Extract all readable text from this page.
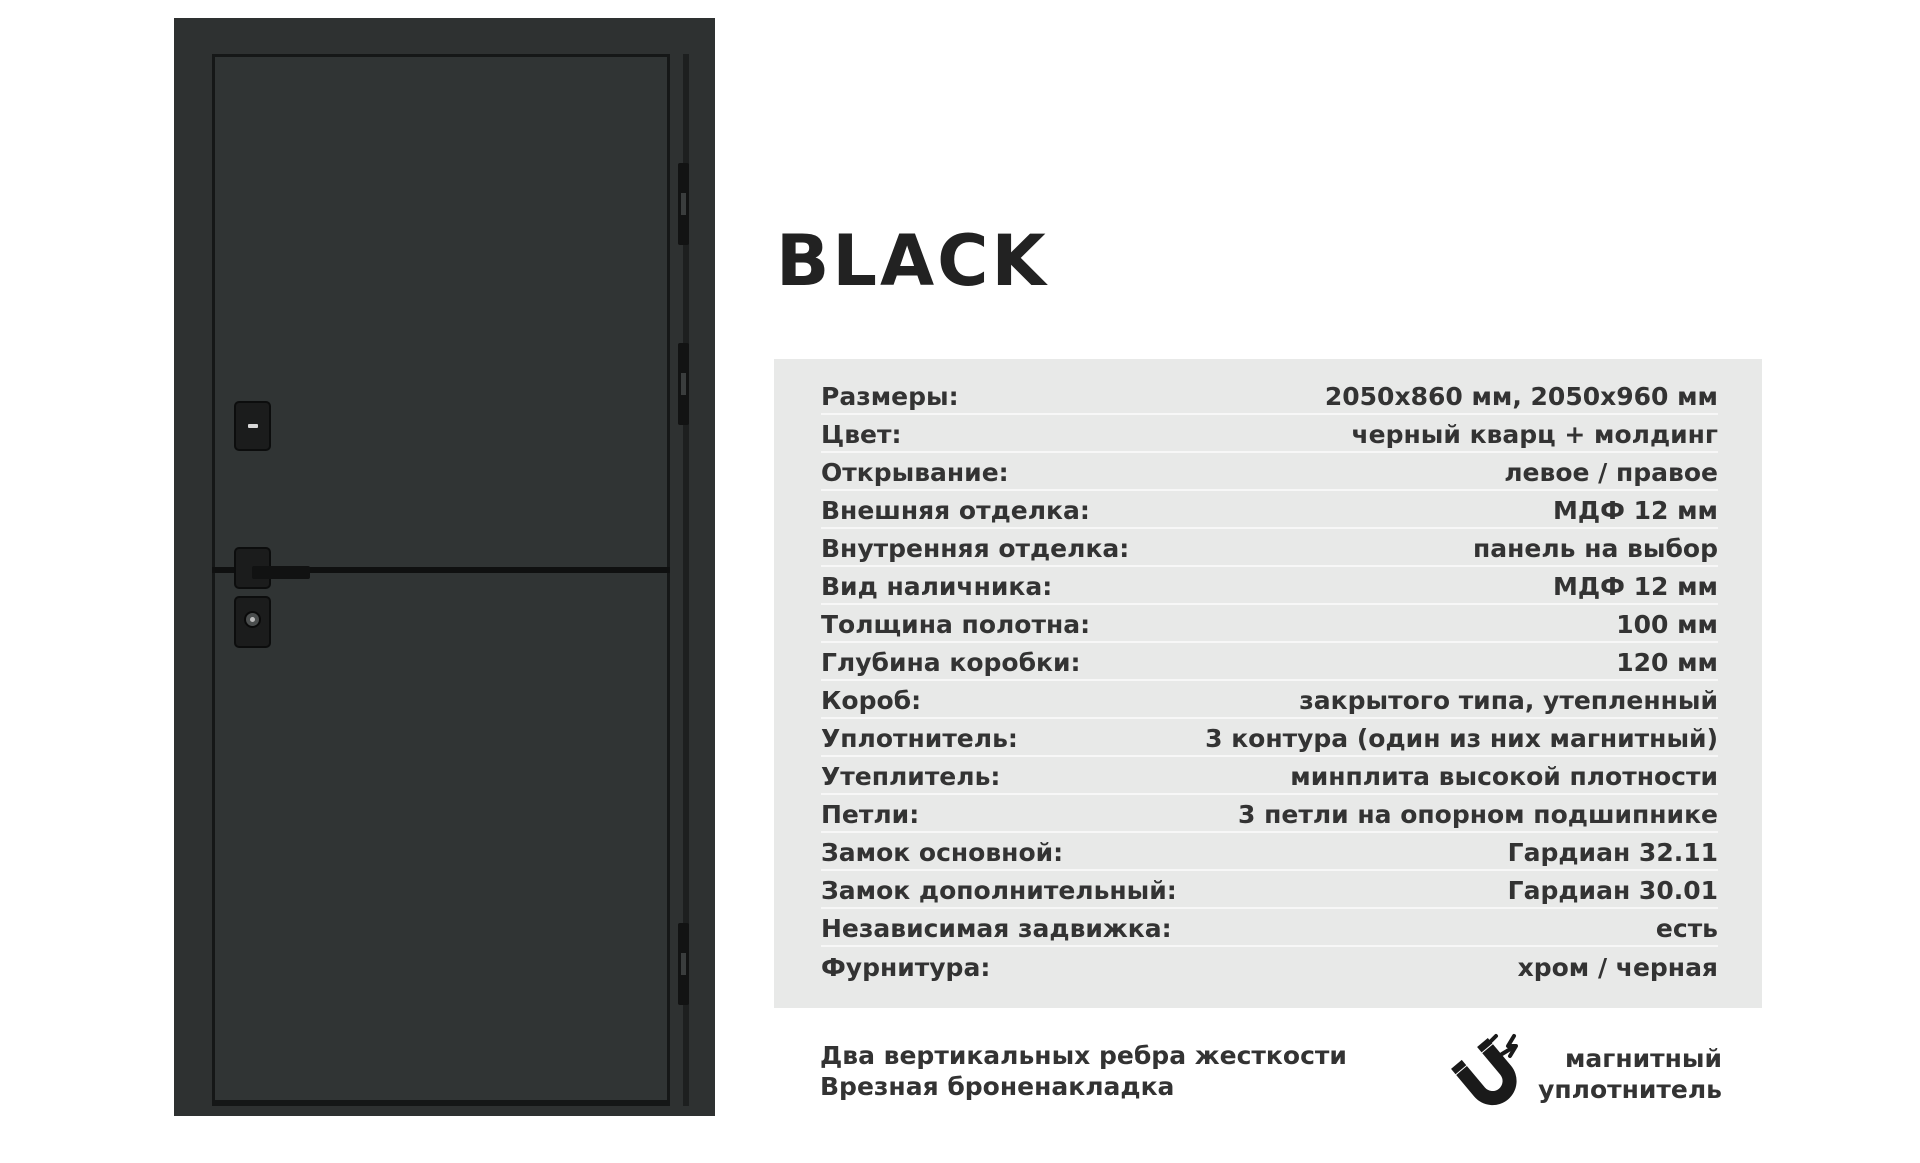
BLACK
Размеры:	2050x860 мм, 2050x960 мм
Цвет:	черный кварц + молдинг
Открывание:	левое / правое
Внешняя отделка:	МДФ 12 мм
Внутренняя отделка:	панель на выбор
Вид наличника:	МДФ 12 мм
Толщина полотна:	100 мм
Глубина коробки:	120 мм
Короб:	закрытого типа, утепленный
Уплотнитель:	3 контура (один из них магнитный)
Утеплитель:	минплита высокой плотности
Петли:	3 петли на опорном подшипнике
Замок основной:	Гардиан 32.11
Замок дополнительный:	Гардиан 30.01
Независимая задвижка:	есть
Фурнитура:	хром / черная
Два вертикальных ребра жесткости
Врезная броненакладка
магнитный
уплотнитель
